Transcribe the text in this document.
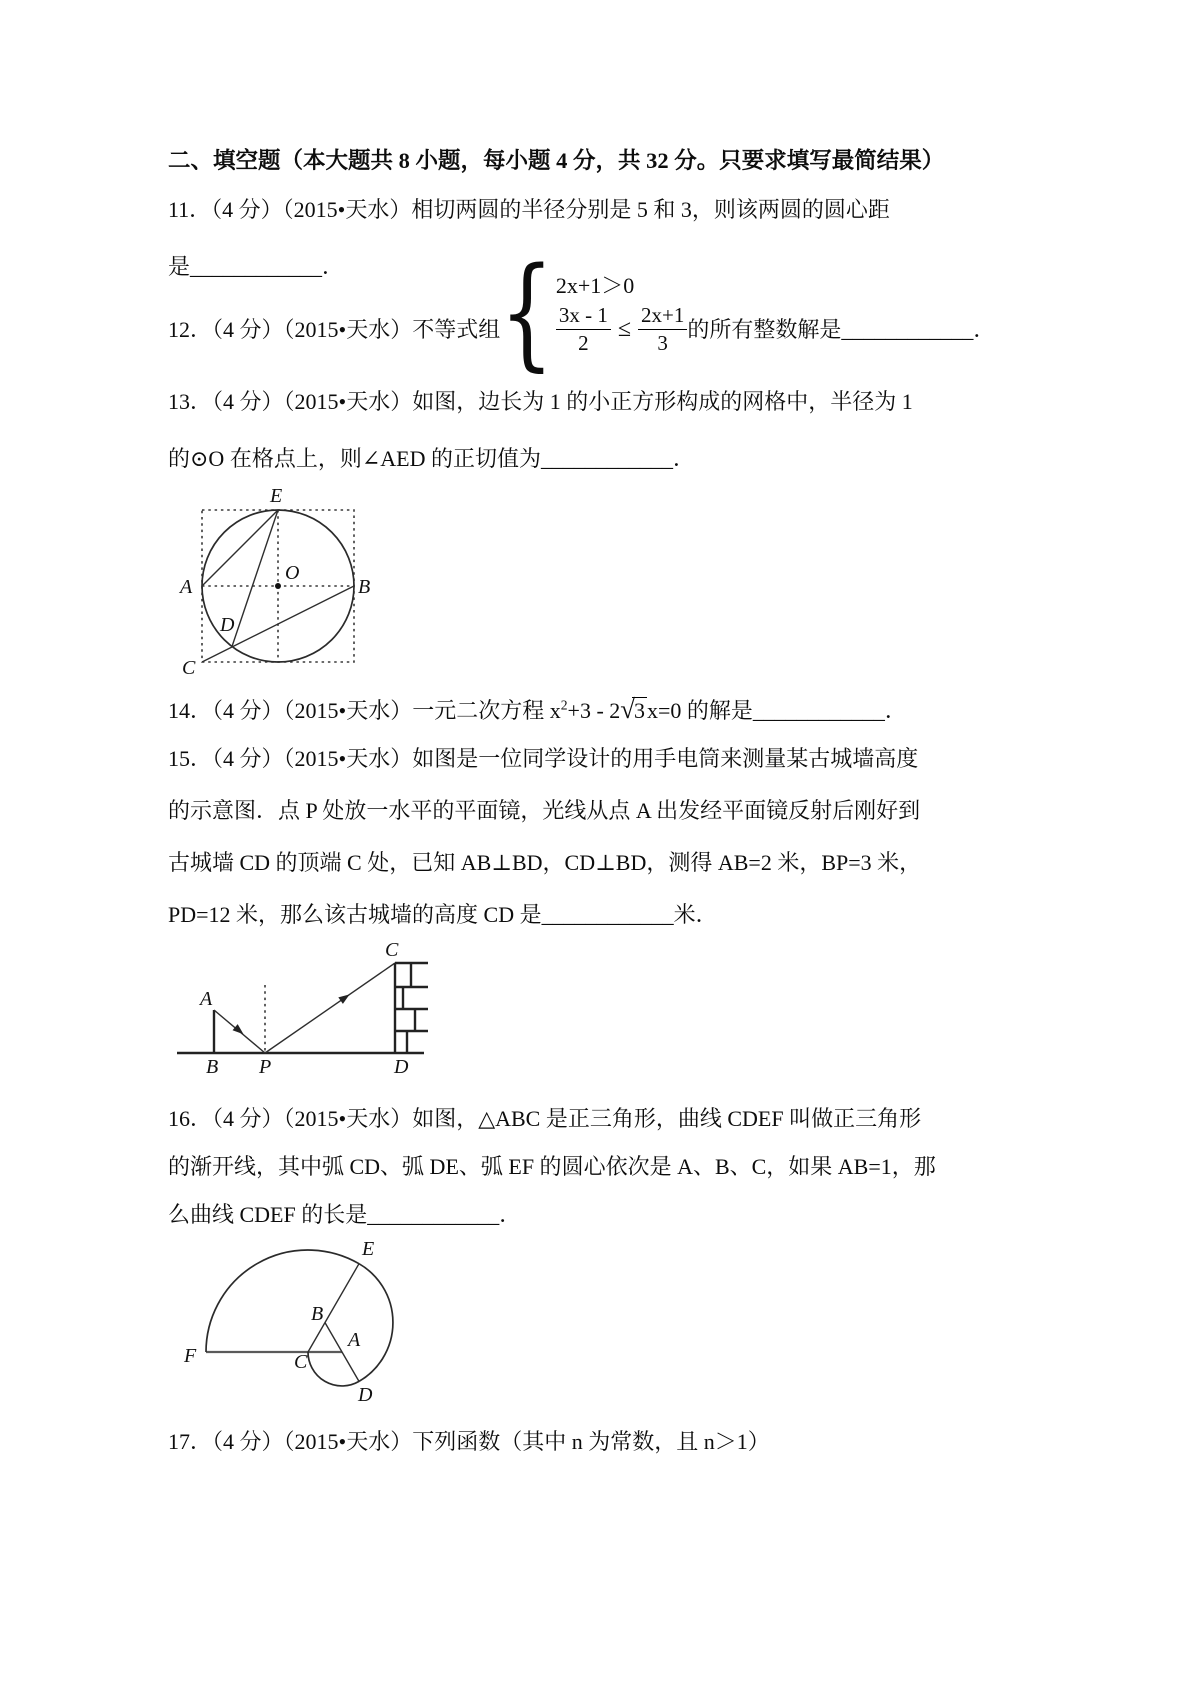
二、填空题（本大题共 8 小题，每小题 4 分，共 32 分。只要求填写最简结果）
11．（4 分）（2015•天水）相切两圆的半径分别是 5 和 3，则该两圆的圆心距
是____________．
12．（4 分）（2015•天水）不等式组 { 2x+1＞0
$\frac{3x - 1}{2} \le \frac{2x+1}{3}$ 的所有整数解是____________．
13．（4 分）（2015•天水）如图，边长为 1 的小正方形构成的网格中，半径为 1
的⊙O 在格点上，则∠AED 的正切值为____________．
E
A
O
B
D
C
14．（4 分）（2015•天水）一元二次方程 $x^2+3 - 2√3x=0$ 的解是____________．
15．（4 分）（2015•天水）如图是一位同学设计的用手电筒来测量某古城墙高度
的示意图．点 P 处放一水平的平面镜，光线从点 A 出发经平面镜反射后刚好到
古城墙 CD 的顶端 C 处，已知 AB⊥BD，CD⊥BD，测得 AB=2 米，BP=3 米，
PD=12 米，那么该古城墙的高度 CD 是____________米．
A
B P
C
D
16．（4 分）（2015•天水）如图，△ABC 是正三角形，曲线 CDEF 叫做正三角形
的渐开线，其中弧 CD、弧 DE、弧 EF 的圆心依次是 A、B、C，如果 AB=1，那
么曲线 CDEF 的长是____________．
E
B
A
C
D
F
17．（4 分）（2015•天水）下列函数（其中 n 为常数，且 n＞1）
